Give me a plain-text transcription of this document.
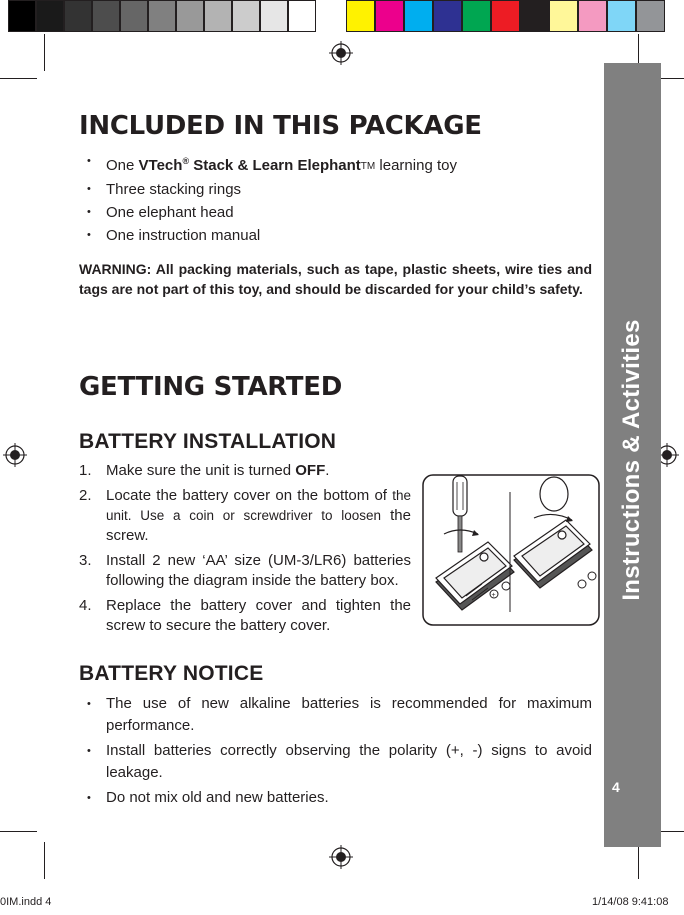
Instructions & Activities
4
INCLUDED IN THIS PACKAGE
• One VTech® Stack & Learn ElephantTM learning toy
• Three stacking rings
• One elephant head
• One instruction manual

WARNING: All packing materials, such as tape, plastic sheets, wire ties and tags are not part of this toy, and should be discarded for your child’s safety.

GETTING STARTED
BATTERY INSTALLATION
1. Make sure the unit is turned OFF.
2. Locate the battery cover on the bottom of the unit. Use a coin or screwdriver to loosen the screw.
3. Install 2 new ‘AA’ size (UM-3/LR6) batteries following the diagram inside the battery box.
4. Replace the battery cover and tighten the screw to secure the battery cover.
+
BATTERY NOTICE
• The use of new alkaline batteries is recommended for maximum performance.
• Install batteries correctly observing the polarity (+, -) signs to avoid leakage.
• Do not mix old and new batteries.
0IM.indd 4	1/14/08 9:41:08
